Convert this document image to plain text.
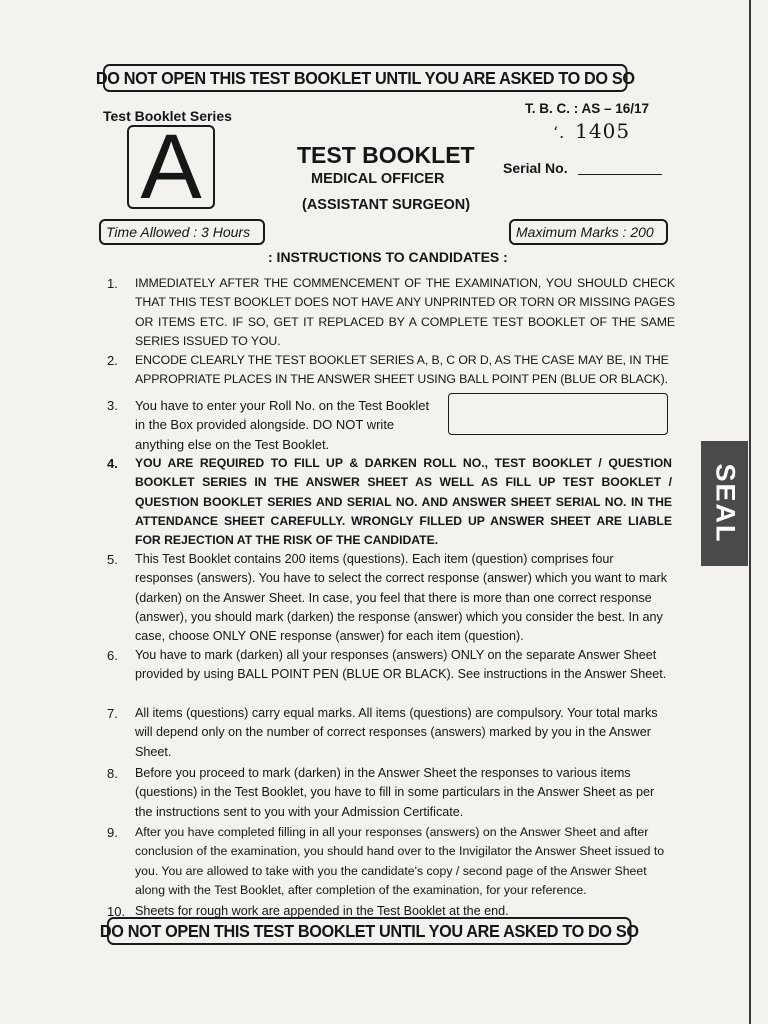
DO NOT OPEN THIS TEST BOOKLET UNTIL YOU ARE ASKED TO DO SO
Test Booklet Series
A
T. B. C. : AS – 16/17
ʻ. 1405
TEST BOOKLET
MEDICAL OFFICER
(ASSISTANT SURGEON)
Serial No.
Time Allowed : 3 Hours	Maximum Marks : 200
: INSTRUCTIONS TO CANDIDATES :
1.	IMMEDIATELY AFTER THE COMMENCEMENT OF THE EXAMINATION, YOU SHOULD CHECK THAT THIS TEST BOOKLET DOES NOT HAVE ANY UNPRINTED OR TORN OR MISSING PAGES OR ITEMS ETC. IF SO, GET IT REPLACED BY A COMPLETE TEST BOOKLET OF THE SAME SERIES ISSUED TO YOU.
2.	ENCODE CLEARLY THE TEST BOOKLET SERIES A, B, C OR D, AS THE CASE MAY BE, IN THE APPROPRIATE PLACES IN THE ANSWER SHEET USING BALL POINT PEN (BLUE OR BLACK).
3.	You have to enter your Roll No. on the Test Booklet in the Box provided alongside. DO NOT write anything else on the Test Booklet.
SEAL
4.	YOU ARE REQUIRED TO FILL UP & DARKEN ROLL NO., TEST BOOKLET / QUESTION BOOKLET SERIES IN THE ANSWER SHEET AS WELL AS FILL UP TEST BOOKLET / QUESTION BOOKLET SERIES AND SERIAL NO. AND ANSWER SHEET SERIAL NO. IN THE ATTENDANCE SHEET CAREFULLY. WRONGLY FILLED UP ANSWER SHEET ARE LIABLE FOR REJECTION AT THE RISK OF THE CANDIDATE.
5.	This Test Booklet contains 200 items (questions). Each item (question) comprises four responses (answers). You have to select the correct response (answer) which you want to mark (darken) on the Answer Sheet. In case, you feel that there is more than one correct response (answer), you should mark (darken) the response (answer) which you consider the best. In any case, choose ONLY ONE response (answer) for each item (question).
6.	You have to mark (darken) all your responses (answers) ONLY on the separate Answer Sheet provided by using BALL POINT PEN (BLUE OR BLACK). See instructions in the Answer Sheet.
7.	All items (questions) carry equal marks. All items (questions) are compulsory. Your total marks will depend only on the number of correct responses (answers) marked by you in the Answer Sheet.
8.	Before you proceed to mark (darken) in the Answer Sheet the responses to various items (questions) in the Test Booklet, you have to fill in some particulars in the Answer Sheet as per the instructions sent to you with your Admission Certificate.
9.	After you have completed filling in all your responses (answers) on the Answer Sheet and after conclusion of the examination, you should hand over to the Invigilator the Answer Sheet issued to you. You are allowed to take with you the candidate's copy / second page of the Answer Sheet along with the Test Booklet, after completion of the examination, for your reference.
10. Sheets for rough work are appended in the Test Booklet at the end.
DO NOT OPEN THIS TEST BOOKLET UNTIL YOU ARE ASKED TO DO SO
